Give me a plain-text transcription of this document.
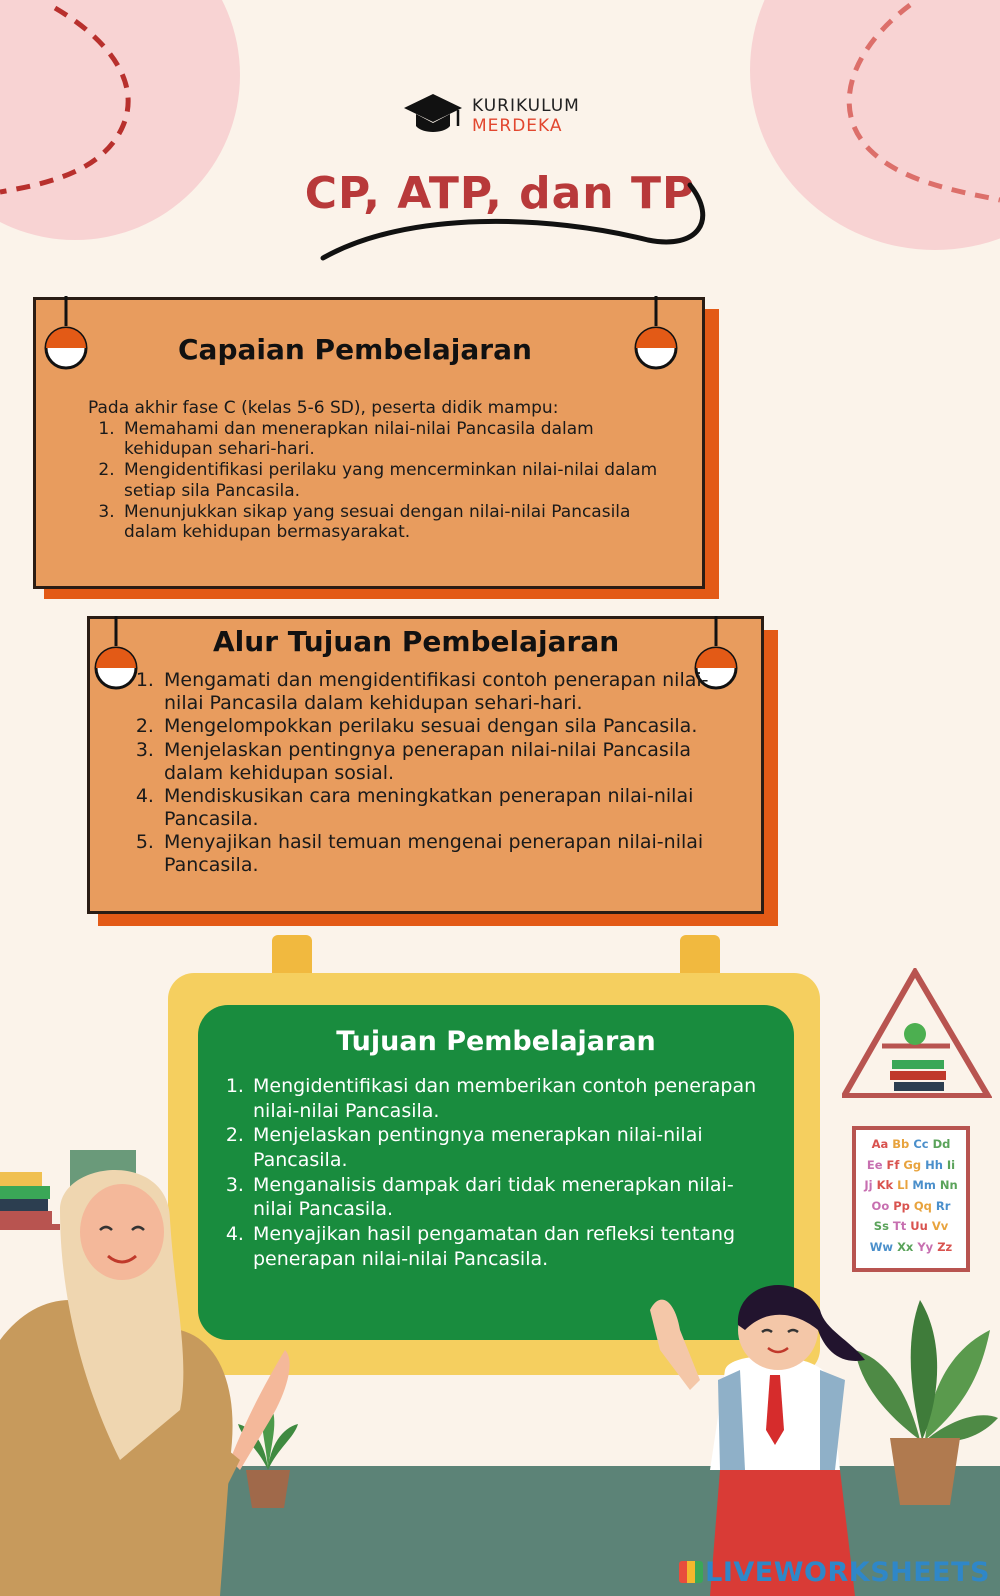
KURIKULUM
MERDEKA
CP, ATP, dan TP
Capaian Pembelajaran
Pada akhir fase C (kelas 5-6 SD), peserta didik mampu:
1. Memahami dan menerapkan nilai-nilai Pancasila dalam kehidupan sehari-hari.
2. Mengidentifikasi perilaku yang mencerminkan nilai-nilai dalam setiap sila Pancasila.
3. Menunjukkan sikap yang sesuai dengan nilai-nilai Pancasila dalam kehidupan bermasyarakat.
Alur Tujuan Pembelajaran
1. Mengamati dan mengidentifikasi contoh penerapan nilai-nilai Pancasila dalam kehidupan sehari-hari.
2. Mengelompokkan perilaku sesuai dengan sila Pancasila.
3. Menjelaskan pentingnya penerapan nilai-nilai Pancasila dalam kehidupan sosial.
4. Mendiskusikan cara meningkatkan penerapan nilai-nilai Pancasila.
5. Menyajikan hasil temuan mengenai penerapan nilai-nilai Pancasila.
Tujuan Pembelajaran
1. Mengidentifikasi dan memberikan contoh penerapan nilai-nilai Pancasila.
2. Menjelaskan pentingnya menerapkan nilai-nilai Pancasila.
3. Menganalisis dampak dari tidak menerapkan nilai-nilai Pancasila.
4. Menyajikan hasil pengamatan dan refleksi tentang penerapan nilai-nilai Pancasila.
Aa Bb Cc Dd
Ee Ff Gg Hh Ii
Jj Kk Ll Mm Nn
Oo Pp Qq Rr
Ss Tt Uu Vv
Ww Xx Yy Zz
LIVEWORKSHEETS
